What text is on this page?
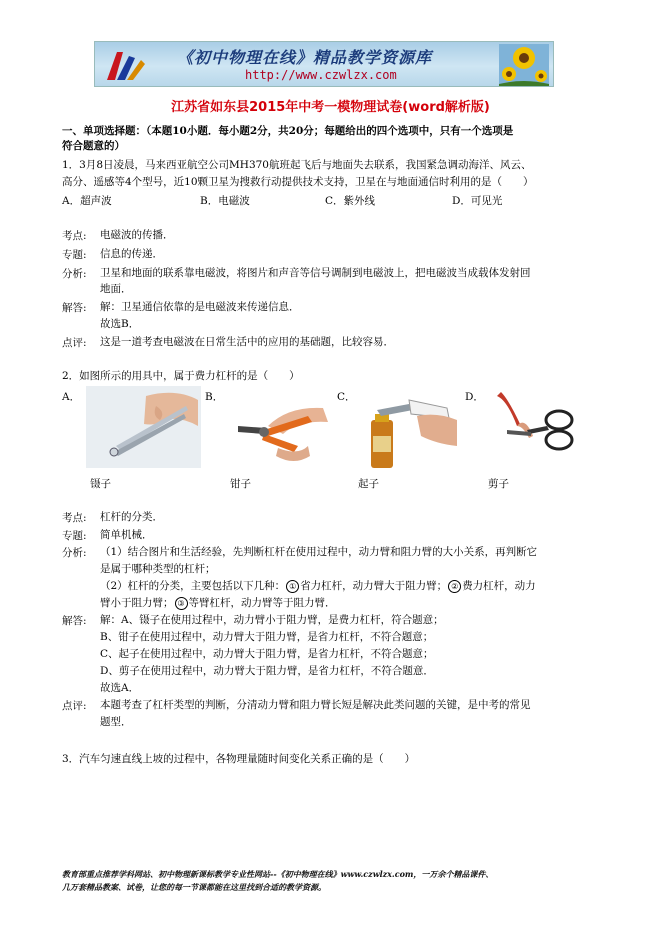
《初中物理在线》精品教学资源库
http://www.czwlzx.com
江苏省如东县2015年中考一模物理试卷(word解析版)
一、单项选择题：（本题10小题．每小题2分，共20分；每题给出的四个选项中，只有一个选项是
符合题意的）
1．3月8日凌晨，马来西亚航空公司MH370航班起飞后与地面失去联系，我国紧急调动海洋、风云、
高分、遥感等4个型号，近10颗卫星为搜救行动提供技术支持，卫星在与地面通信时利用的是（　　）
A．超声波	B．电磁波	C．紫外线	D．可见光
考点: 电磁波的传播．
专题: 信息的传递．
分析: 卫星和地面的联系靠电磁波，将图片和声音等信号调制到电磁波上，把电磁波当成载体发射回
地面．
解答: 解：卫星通信依靠的是电磁波来传递信息．
故选B．
点评: 这是一道考查电磁波在日常生活中的应用的基础题，比较容易．
2．如图所示的用具中，属于费力杠杆的是（　　）
A．	B．	C．	D．
镊子	钳子	起子	剪子
考点: 杠杆的分类．
专题: 简单机械．
分析: （1）结合图片和生活经验，先判断杠杆在使用过程中，动力臂和阻力臂的大小关系，再判断它
是属于哪种类型的杠杆；
（2）杠杆的分类，主要包括以下几种： ① 省力杠杆，动力臂大于阻力臂； ② 费力杠杆，动力
臂小于阻力臂； ③ 等臂杠杆，动力臂等于阻力臂．
解答: 解：A、镊子在使用过程中，动力臂小于阻力臂，是费力杠杆，符合题意；
B、钳子在使用过程中，动力臂大于阻力臂，是省力杠杆，不符合题意；
C、起子在使用过程中，动力臂大于阻力臂，是省力杠杆，不符合题意；
D、剪子在使用过程中，动力臂大于阻力臂，是省力杠杆，不符合题意．
故选A．
点评: 本题考查了杠杆类型的判断，分清动力臂和阻力臂长短是解决此类问题的关键，是中考的常见
题型．
3．汽车匀速直线上坡的过程中，各物理量随时间变化关系正确的是（　　）
教育部重点推荐学科网站、初中物理新课标教学专业性网站--《初中物理在线》www.czwlzx.com，一万余个精品课件、
几万套精品教案、试卷，让您的每一节课都能在这里找到合适的教学资源。
